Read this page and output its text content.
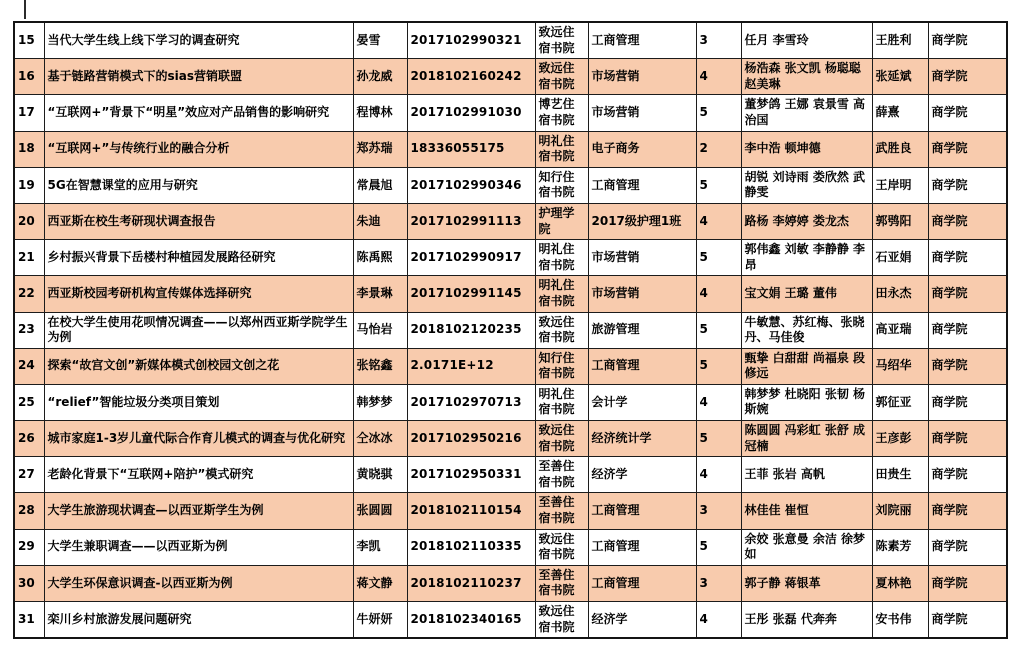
15	当代大学生线上线下学习的调查研究	晏雪	2017102990321	致远住宿书院	工商管理	3	任月 李雪玲	王胜利	商学院
16	基于链路营销模式下的sias营销联盟	孙龙威	2018102160242	致远住宿书院	市场营销	4	杨浩森 张文凯 杨聪聪 赵美琳	张延斌	商学院
17	“互联网+”背景下“明星”效应对产品销售的影响研究	程博林	2017102991030	博艺住宿书院	市场营销	5	董梦鸽 王娜 袁景雪 高治国	薛熹	商学院
18	“互联网+”与传统行业的融合分析	郑苏瑞	18336055175	明礼住宿书院	电子商务	2	李中浩 顿坤德	武胜良	商学院
19	5G在智慧课堂的应用与研究	常晨旭	2017102990346	知行住宿书院	工商管理	5	胡锐 刘诗雨 娄欣然 武静雯	王岸明	商学院
20	西亚斯在校生考研现状调查报告	朱迪	2017102991113	护理学院	2017级护理1班	4	路杨 李婷婷 娄龙杰	郭鸮阳	商学院
21	乡村振兴背景下岳楼村种植园发展路径研究	陈禹熙	2017102990917	明礼住宿书院	市场营销	5	郭伟鑫 刘敏 李静静 李昂	石亚娟	商学院
22	西亚斯校园考研机构宣传媒体选择研究	李景琳	2017102991145	明礼住宿书院	市场营销	4	宝文娟 王璐 董伟	田永杰	商学院
23	在校大学生使用花呗情况调查——以郑州西亚斯学院学生为例	马怡岩	2018102120235	致远住宿书院	旅游管理	5	牛敏慧、苏红梅、张晓丹、马佳俊	高亚瑞	商学院
24	探索“故宫文创”新媒体模式创校园文创之花	张铭鑫	2.0171E+12	知行住宿书院	工商管理	5	甄挚 白甜甜 尚福泉 段修远	马绍华	商学院
25	“relief”智能垃圾分类项目策划	韩梦梦	2017102970713	明礼住宿书院	会计学	4	韩梦梦 杜晓阳 张韧 杨斯婉	郭征亚	商学院
26	城市家庭1-3岁儿童代际合作育儿模式的调查与优化研究	仝冰冰	2017102950216	致远住宿书院	经济统计学	5	陈圆圆 冯彩虹 张舒 成冠楠	王彦彭	商学院
27	老龄化背景下“互联网+陪护”模式研究	黄晓骐	2017102950331	至善住宿书院	经济学	4	王菲 张岩 高帆	田贵生	商学院
28	大学生旅游现状调查—以西亚斯学生为例	张圆圆	2018102110154	至善住宿书院	工商管理	3	林佳佳 崔恒	刘院丽	商学院
29	大学生兼职调查——以西亚斯为例	李凯	2018102110335	致远住宿书院	工商管理	5	余姣 张意曼 余洁 徐梦如	陈素芳	商学院
30	大学生环保意识调查-以西亚斯为例	蒋文静	2018102110237	至善住宿书院	工商管理	3	郭子静 蒋银革	夏林艳	商学院
31	栾川乡村旅游发展问题研究	牛妍妍	2018102340165	致远住宿书院	经济学	4	王彤 张磊 代奔奔	安书伟	商学院
